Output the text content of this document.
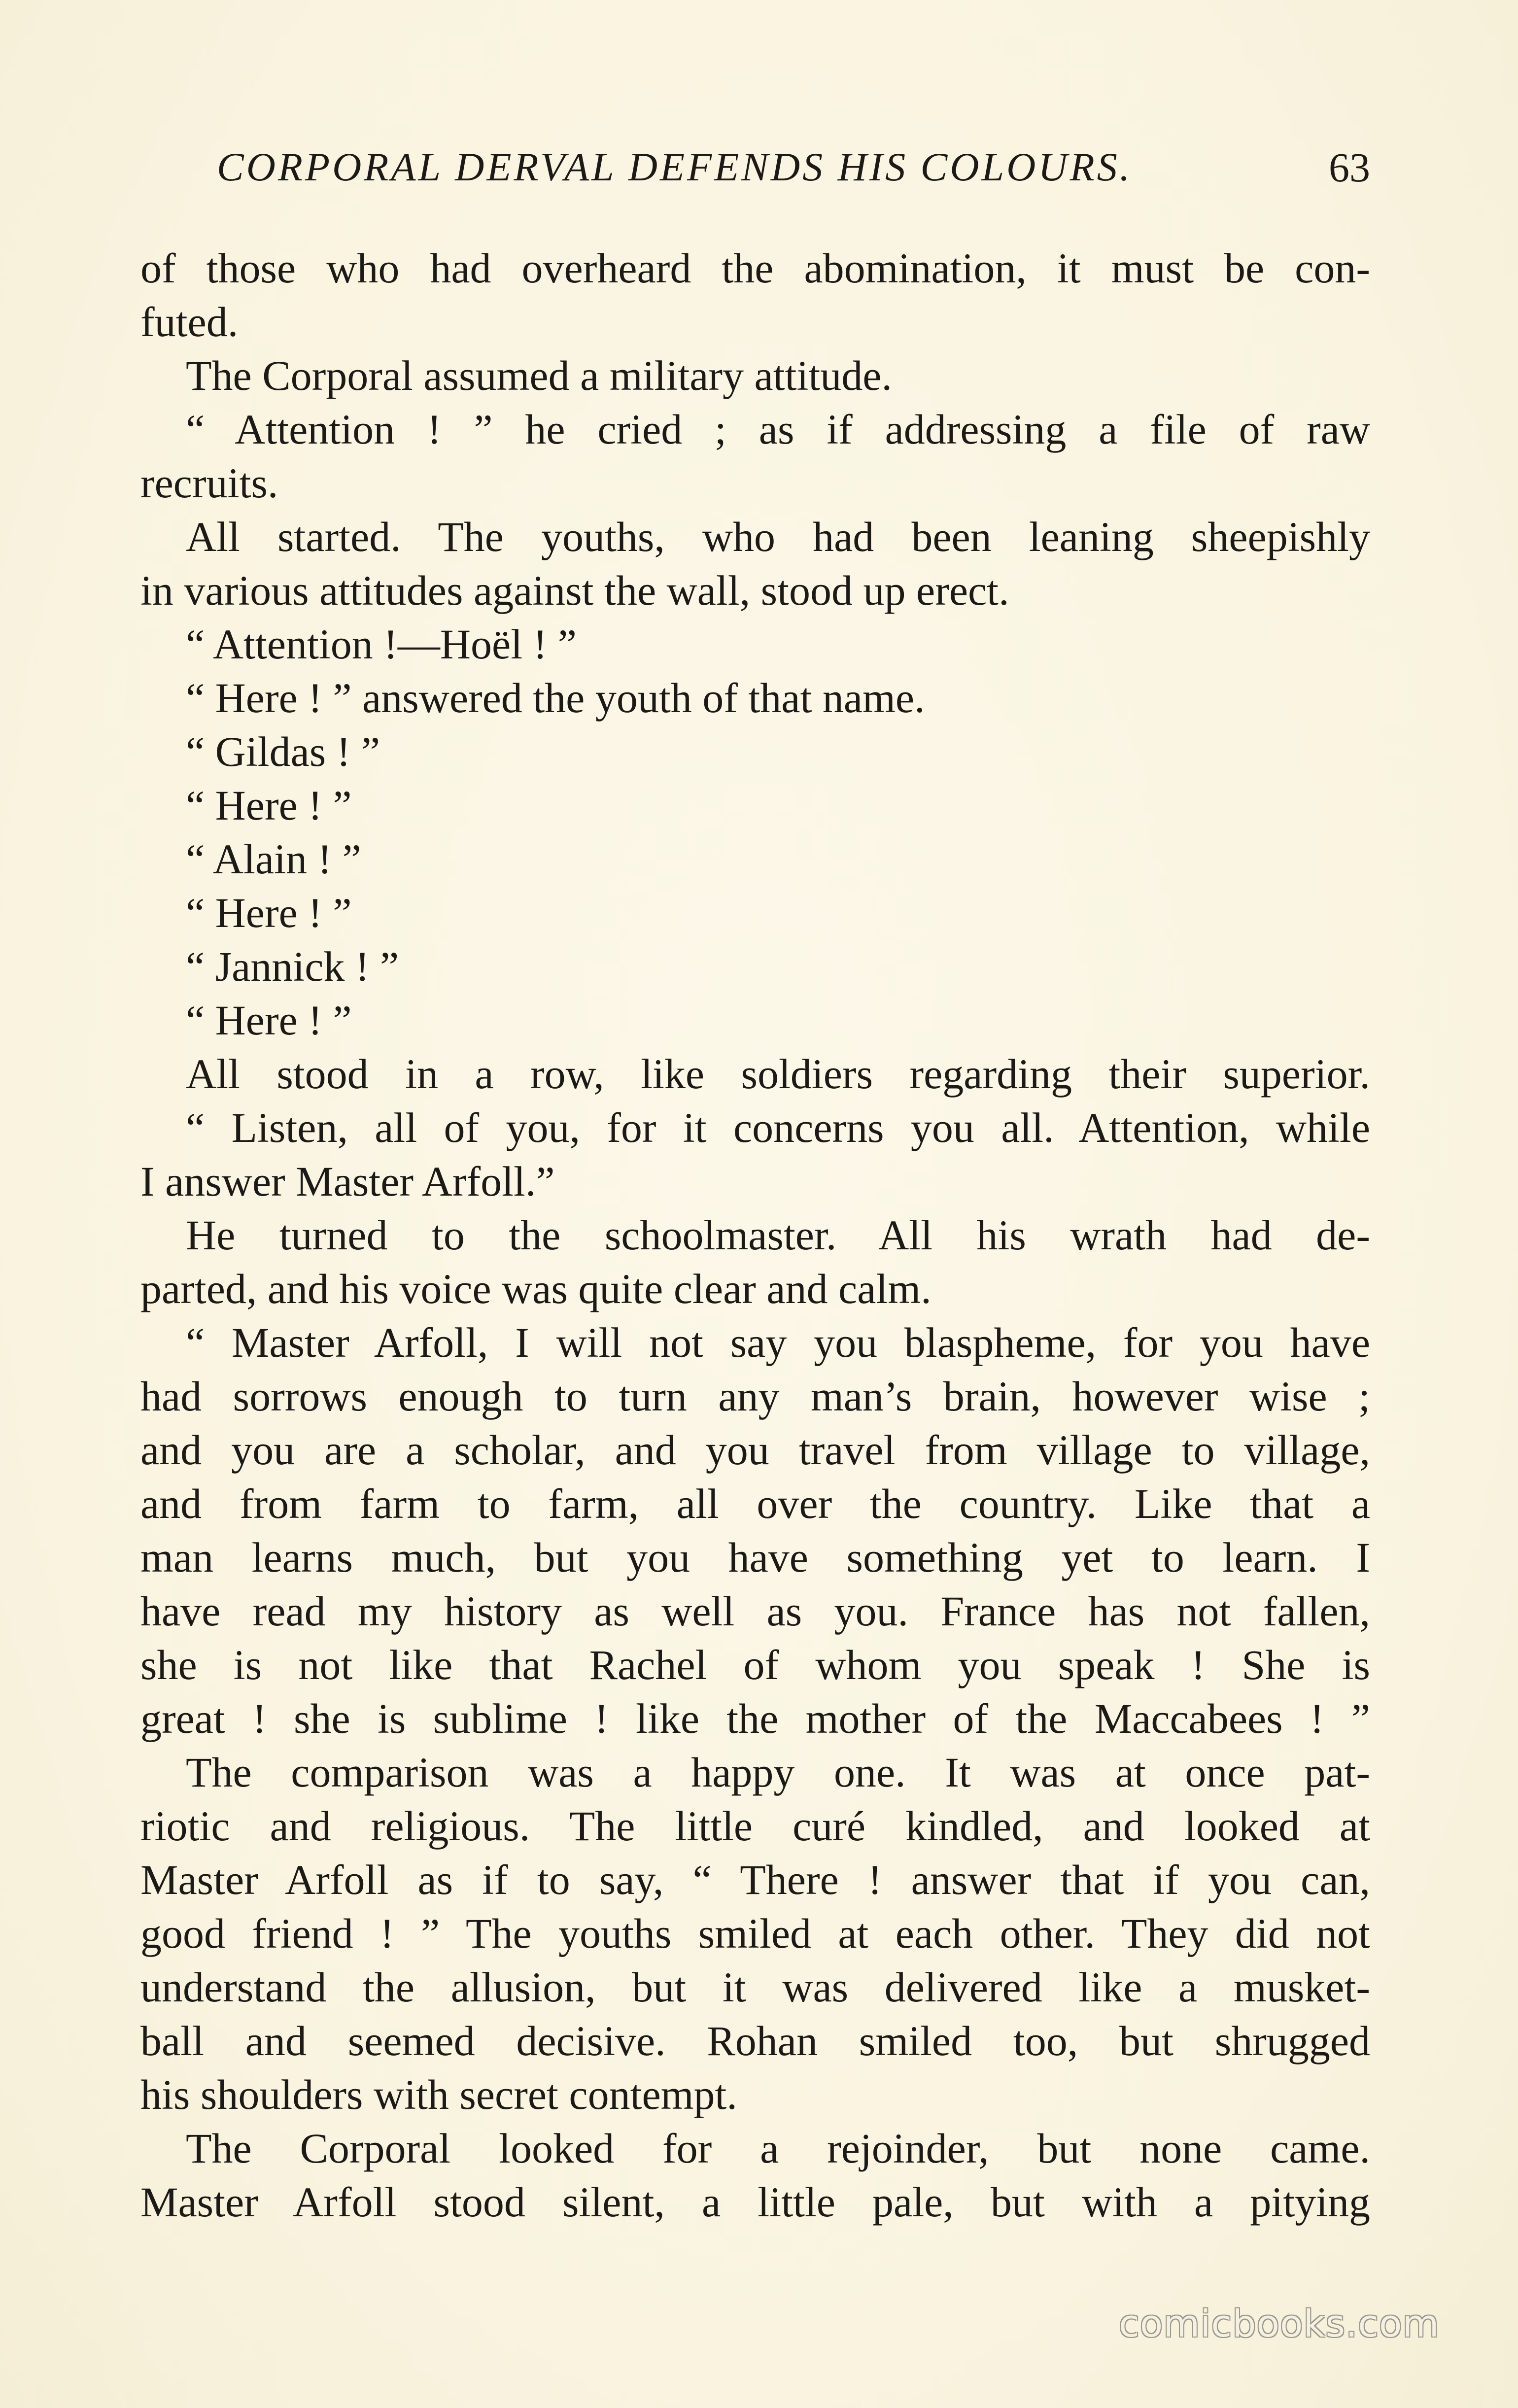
CORPORAL DERVAL DEFENDS HIS COLOURS.	63
of those who had overheard the abomination, it must be con-
futed.
The Corporal assumed a military attitude.
“ Attention ! ” he cried ; as if addressing a file of raw
recruits.
All started. The youths, who had been leaning sheepishly
in various attitudes against the wall, stood up erect.
“ Attention !—Hoël ! ”
“ Here ! ” answered the youth of that name.
“ Gildas ! ”
“ Here ! ”
“ Alain ! ”
“ Here ! ”
“ Jannick ! ”
“ Here ! ”
All stood in a row, like soldiers regarding their superior.
“ Listen, all of you, for it concerns you all. Attention, while
I answer Master Arfoll.”
He turned to the schoolmaster. All his wrath had de-
parted, and his voice was quite clear and calm.
“ Master Arfoll, I will not say you blaspheme, for you have
had sorrows enough to turn any man’s brain, however wise ;
and you are a scholar, and you travel from village to village,
and from farm to farm, all over the country. Like that a
man learns much, but you have something yet to learn. I
have read my history as well as you. France has not fallen,
she is not like that Rachel of whom you speak ! She is
great ! she is sublime ! like the mother of the Maccabees ! ”
The comparison was a happy one. It was at once pat-
riotic and religious. The little curé kindled, and looked at
Master Arfoll as if to say, “ There ! answer that if you can,
good friend ! ” The youths smiled at each other. They did not
understand the allusion, but it was delivered like a musket-
ball and seemed decisive. Rohan smiled too, but shrugged
his shoulders with secret contempt.
The Corporal looked for a rejoinder, but none came.
Master Arfoll stood silent, a little pale, but with a pitying
comicbooks.com
